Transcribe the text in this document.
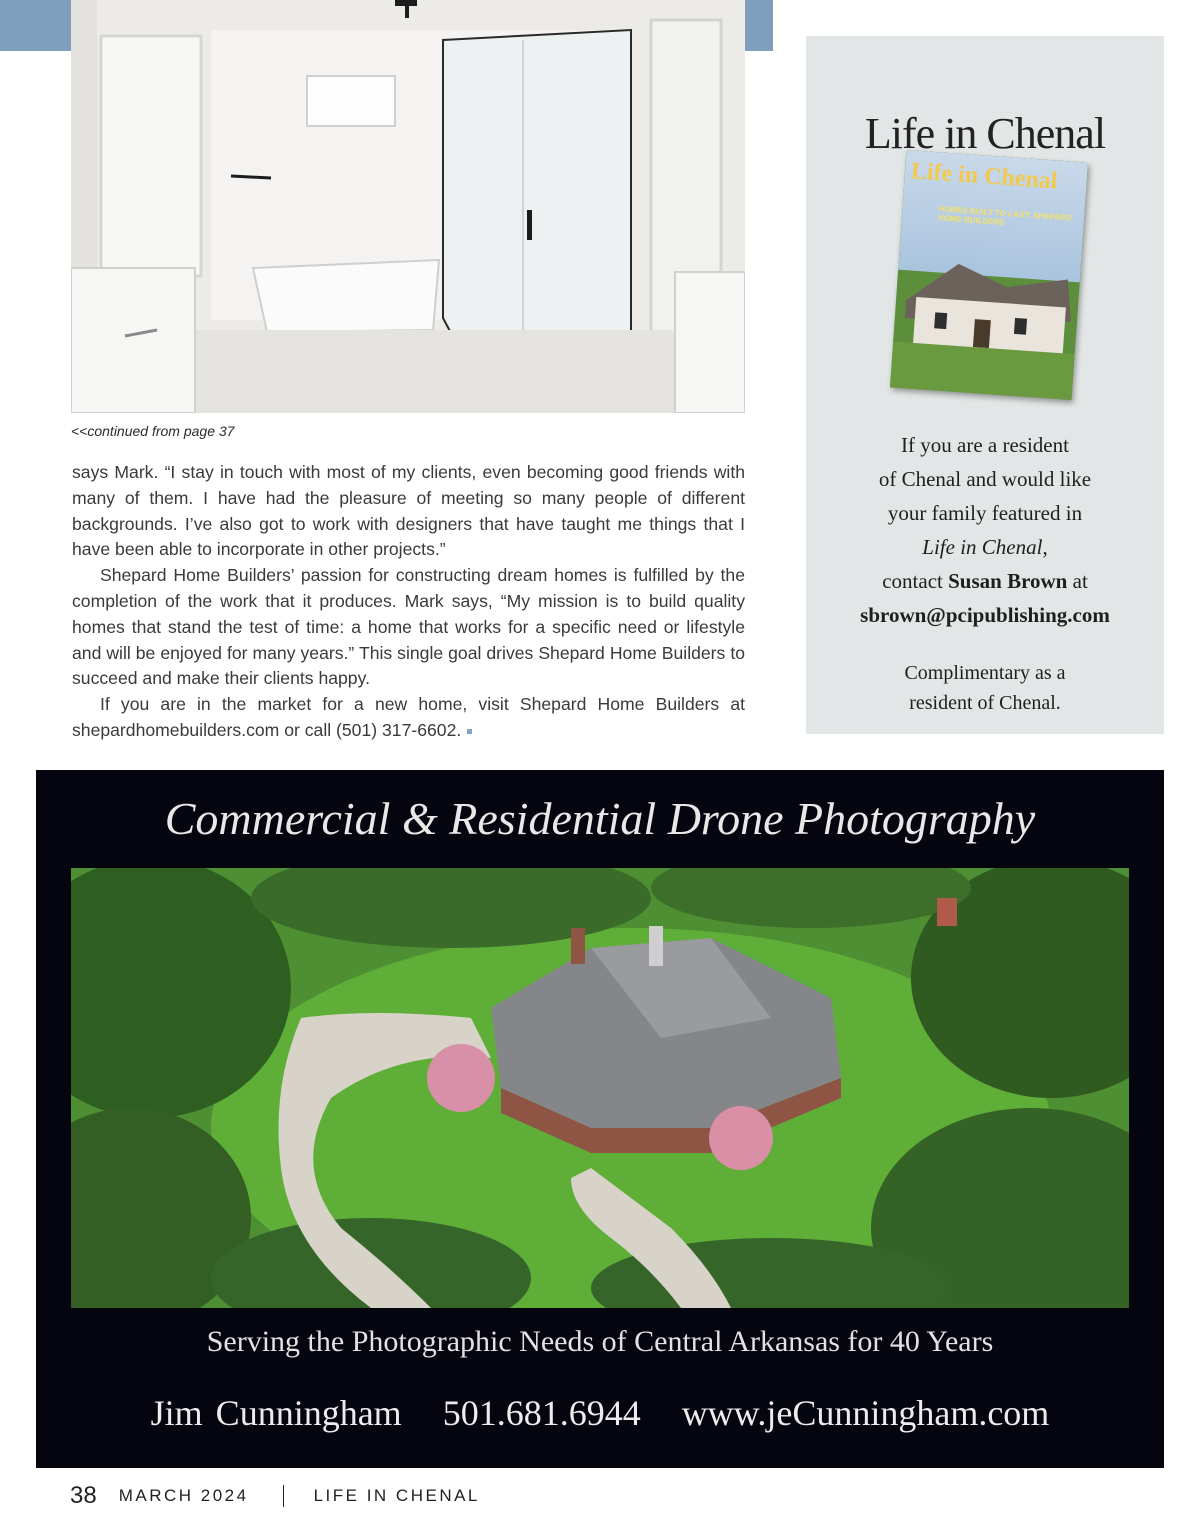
<<continued from page 37

says Mark. “I stay in touch with most of my clients, even becoming good friends with many of them. I have had the pleasure of meeting so many people of different backgrounds. I’ve also got to work with designers that have taught me things that I have been able to incorporate in other projects.”

Shepard Home Builders’ passion for constructing dream homes is fulfilled by the completion of the work that it produces. Mark says, “My mission is to build quality homes that stand the test of time: a home that works for a specific need or lifestyle and will be enjoyed for many years.” This single goal drives Shepard Home Builders to succeed and make their clients happy.

If you are in the market for a new home, visit Shepard Home Builders at shepardhomebuilders.com or call (501) 317-6602.

Life in Chenal
Life in Chenal
HOMES BUILT TO LAST: SHEPARD HOME BUILDERS
If you are a resident
of Chenal and would like
your family featured in
Life in Chenal,
contact Susan Brown at
sbrown@pcipublishing.com
Complimentary as a
resident of Chenal.
Commercial & Residential Drone Photography
Serving the Photographic Needs of Central Arkansas for 40 Years
Jim Cunningham 501.681.6944 www.jeCunningham.com
38 MARCH 2024	LIFE IN CHENAL
